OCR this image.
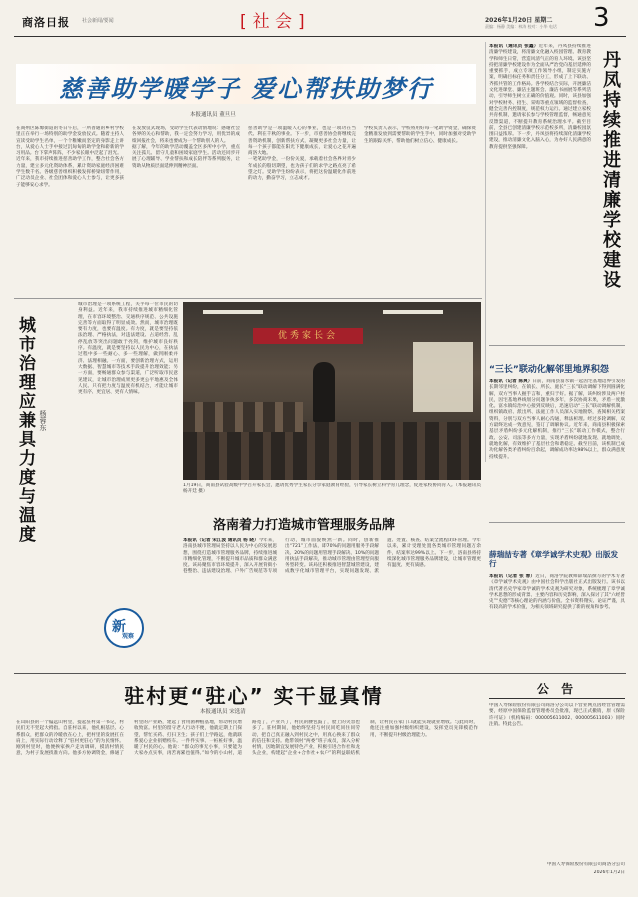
商洛日报 社会新闻/要闻	[ 社 会 ]	2026年1月20日 星期二
责编：杨静 美编：林涛 校对：小华 电话 3
慈善助学暖学子 爱心帮扶助梦行
本报通讯员 董旦旦
在商州区陈塬街道的冬日午后，一所普通的乡村学校里正在举行一场特别的助学金发放仪式。随着主持人宣读受助学生名单，一个个稚嫩而坚定的身影走上讲台，从爱心人士手中接过沉甸甸的助学金和崭新的学习用品。台下掌声阵阵，不少家长眼中泛起了泪光。
近年来，我市持续推进慈善助学工作，整合社会各方力量，建立多元化资助体系，累计资助家庭经济困难学生数千名。各级慈善组织积极发挥桥梁纽带作用，广泛动员企业、社会团体和爱心人士参与，让更多孩子能够安心求学。
在发放仪式现场，受助学生代表动情地说：感谢社会各界的关心和帮助，我一定会努力学习，用优异的成绩回报社会，将来也要成为一个帮助别人的人。
据了解，今年的助学活动覆盖全区多所中小学，重点关注孤儿、留守儿童和困境家庭学生。活动还同步开展了心理辅导、学业帮扶和成长陪伴等系列服务，让资助从物质层面延伸到精神层面。
慈善助学是一项温暖人心的事业，也是一项功在当代、利在千秋的事业。下一步，市慈善协会将继续完善资助机制，创新帮扶方式，凝聚更多社会力量，让每一个孩子都能在阳光下健康成长，让爱心之花开遍商洛大地。
一笔笔助学金，一份份关爱，承载着社会各界对青少年成长的殷切期望，也为孩子们的求学之路点亮了希望之灯。受助学生纷纷表示，将把这份温暖化作前进的动力，勤奋学习，立志成才。
学校负责人表示，学校将用好每一笔助学资金，确保资金精准发放到需要帮助的学生手中，同时加强对受助学生的跟踪关怀，帮助他们树立信心、健康成长。
本报讯（通讯员 张鑫）近年来，丹凤县持续推进清廉学校建设，将清廉文化融入校园管理、教育教学和师生日常，营造风清气正的育人环境。该县坚持把清廉学校建设作为全面从严治党向基层延伸的重要抓手，成立专项工作领导小组，制定实施方案，明确目标任务和责任分工，形成了上下联动、齐抓共管的工作格局。各学校结合实际，开展廉洁文化进课堂、廉洁主题班会、廉洁书画展等系列活动，引导师生树立正确的价值观。同时，该县加强对学校财务、招生、采购等重点领域的监督检查，健全完善内控制度，规范权力运行。通过建立家校共育机制，邀请家长参与学校管理监督，畅通意见反馈渠道，不断提升教育系统治理水平。截至目前，全县已创建清廉学校示范校多所，清廉校园氛围日益浓厚。下一步，丹凤县将持续深化清廉学校建设，推动清廉文化入脑入心，为办好人民满意的教育提供坚强保障。	丹凤持续推进清廉学校建设
城市治理应兼具力度与温度 杨蓉东
城市治理是一项系统工程，关乎每一位市民的切身利益。近年来，我市持续推进城市精细化管理，在市容环境整治、交通秩序规范、公共设施完善等方面取得了明显成效。然而，城市治理既要有力度，也要有温度。有力度，就是要坚持依法治理、严格执法，对违法建设、占道经营、乱停乱放等突出问题敢于亮剑，维护城市良好秩序。有温度，就是要坚持以人民为中心，在执法过程中多一些耐心、多一些理解，做到刚柔并济、法理相融。一方面，要创新治理方式，运用大数据、智慧城市等技术手段提升治理效能；另一方面，要畅通群众参与渠道，广泛听取市民意见建议，让城市治理成果更多更公平地惠及全体人民。只有把力度与温度有机结合，才能让城市更有序、更宜居、更有人情味。
新
观察
优秀家长会
1月19日，商南县试验高级中学召开家长会，邀请优秀学生家长分享家庭教育经验，引导家长树立科学育儿理念，促进家校协同育人。（本报通讯员 杨开廷 摄）
“三长”联动化解邻里地界积怨
本报讯（记者 陈爽）日前，商南县富水镇一起因宅基地边界引发的长期邻里纠纷，在镇长、所长、庭长“三长”联动调解下得到圆满化解，双方当事人握手言和，重归于好。据了解，该纠纷涉及两户村民，因宅基地界线划分问题争执多年，多次协商未果，矛盾一度激化。富水镇综治中心接到反映后，迅速启动“三长”联动调解机制，组织镇政府、派出所、法庭工作人员深入实地勘察，查阅相关档案资料，分别与双方当事人耐心沟通，释法析理。经过多轮调解，双方最终达成一致意见，签订了调解协议。近年来，商南县积极探索基层矛盾纠纷多元化解机制，推行“三长”联动工作模式，整合行政、公安、司法等多方力量，实现矛盾纠纷就地发现、就地调处、就地化解，有效维护了基层社会和谐稳定。截至目前，该机制已成功化解各类矛盾纠纷百余起，调解成功率达98%以上，群众满意度持续提升。
洛南着力打造城市管理服务品牌
本报讯（记者 宋江波 通讯员 杨 晓）今年来，洛南县城市管理局坚持以人民为中心的发展思想，围绕打造城市管理服务品牌，持续推进城市精细化管理，不断提升城市品质和群众满意度。该局聚焦市容环境提升，深入开展背街小巷整治、违法建设治理、户外广告规范等专项行动，城市面貌焕然一新。同时，创新推出“721”工作法，即70%的问题用服务手段解决、20%的问题用管理手段解决、10%的问题用执法手段解决，推动城市管理由管理型向服务型转变。该局还积极推进智慧城管建设，建成数字化城市管理平台，实现问题发现、派遣、处置、核查、结案全流程闭环管理。今年以来，累计受理处置各类城市管理问题万余件，结案率达99%以上。下一步，洛南县将持续深化城市管理服务品牌建设，让城市管理更有温度、更有质感。
薛瑞喆专著《章学诚学术史观》出版发行
本报讯（记者 张 蓉）近日，商洛学院教师薛瑞喆撰写的学术专著《章学诚学术史观》由中国社会科学出版社正式出版发行。该书以清代著名史学家章学诚的学术史观为研究对象，系统梳理了章学诚学术思想的形成背景、主要内容和历史影响，深入探讨了其“六经皆史”“史德”等核心理论的内涵与价值。全书资料翔实、论证严谨，具有较高的学术价值，为相关领域研究提供了新的视角和参考。
驻村更“驻心” 实干显真情
本报通讯员 宋选清
在山阳县的一个偏远山村里，提起驻村第一书记，村民们无不竖起大拇指。自驻村以来，他扎根基层、心系群众，把群众的冷暖放在心上，把村里的发展扛在肩上，用实际行动诠释了“驻村更驻心”的为民情怀。刚到村里时，他便挨家挨户走访调研，摸清村情民意，为村子发展找准方向。他多方协调资金，修通了村里的产业路，建起了食用菌种植基地，带动村民增收致富。村里的留守老人行动不便，他就定期上门探望，帮忙买药、打扫卫生；孩子们上学路远，他就联系爱心企业捐赠校车。一件件实事、一桩桩好事，温暖了村民的心。他说：“群众的事无小事，只要能为大家办点实事，再苦再累也值得。”如今的小山村，道路宽了，产业兴了，村民的腰包鼓了，脸上的笑容也多了。驻村期间，他始终坚持与村民同吃同住同劳动，把自己真正融入到村民之中，用真心换来了群众的信任和支持。他带领村“两委”班子成员，深入分析村情，因地制宜发展特色产业，积极引进合作社和龙头企业，构建起“企业+合作社+农户”的利益联结机制，让村民在家门口就能实现就业增收。与此同时，他还注重加强村级组织建设，发挥党员先锋模范作用，不断提升村级治理能力。
公 告
中国人寿保险股份有限公司商洛分公司以下营业网点因经营管理需要，经原中国保险监督管理委员会批准，现已正式撤销，原《保险许可证》（机构编码：000005611002、000005611003）同时注销。特此公告。
中国人寿保险股份有限公司商洛分公司
2026年1月2日
